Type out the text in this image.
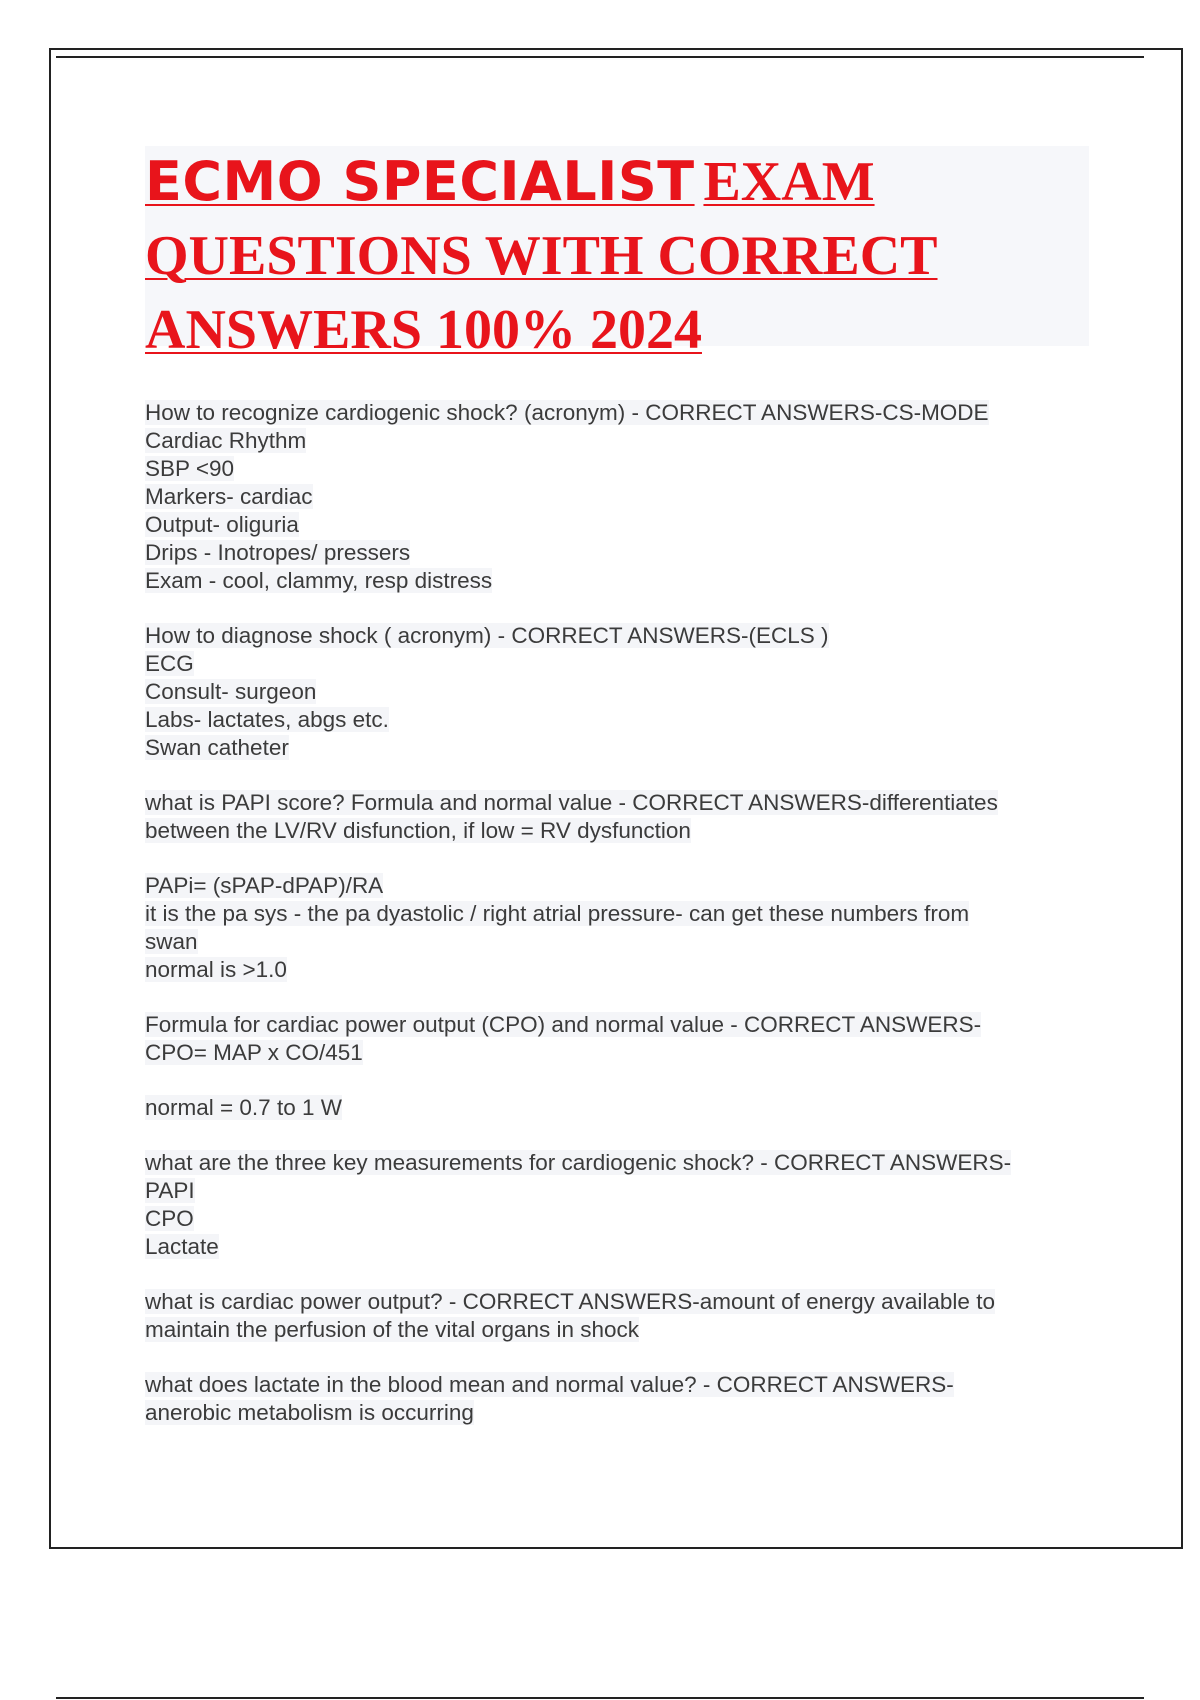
ECMO SPECIALIST EXAM QUESTIONS WITH CORRECT ANSWERS 100% 2024
How to recognize cardiogenic shock? (acronym) - CORRECT ANSWERS-CS-MODE
Cardiac Rhythm
SBP <90
Markers- cardiac
Output- oliguria
Drips - Inotropes/ pressers
Exam - cool, clammy, resp distress
How to diagnose shock ( acronym) - CORRECT ANSWERS-(ECLS )
ECG
Consult- surgeon
Labs- lactates, abgs etc.
Swan catheter
what is PAPI score? Formula and normal value - CORRECT ANSWERS-differentiates
between the LV/RV disfunction, if low = RV dysfunction
PAPi= (sPAP-dPAP)/RA
it is the pa sys - the pa dyastolic / right atrial pressure- can get these numbers from
swan
normal is >1.0
Formula for cardiac power output (CPO) and normal value - CORRECT ANSWERS-
CPO= MAP x CO/451
normal = 0.7 to 1 W
what are the three key measurements for cardiogenic shock? - CORRECT ANSWERS-
PAPI
CPO
Lactate
what is cardiac power output? - CORRECT ANSWERS-amount of energy available to
maintain the perfusion of the vital organs in shock
what does lactate in the blood mean and normal value? - CORRECT ANSWERS-
anerobic metabolism is occurring
